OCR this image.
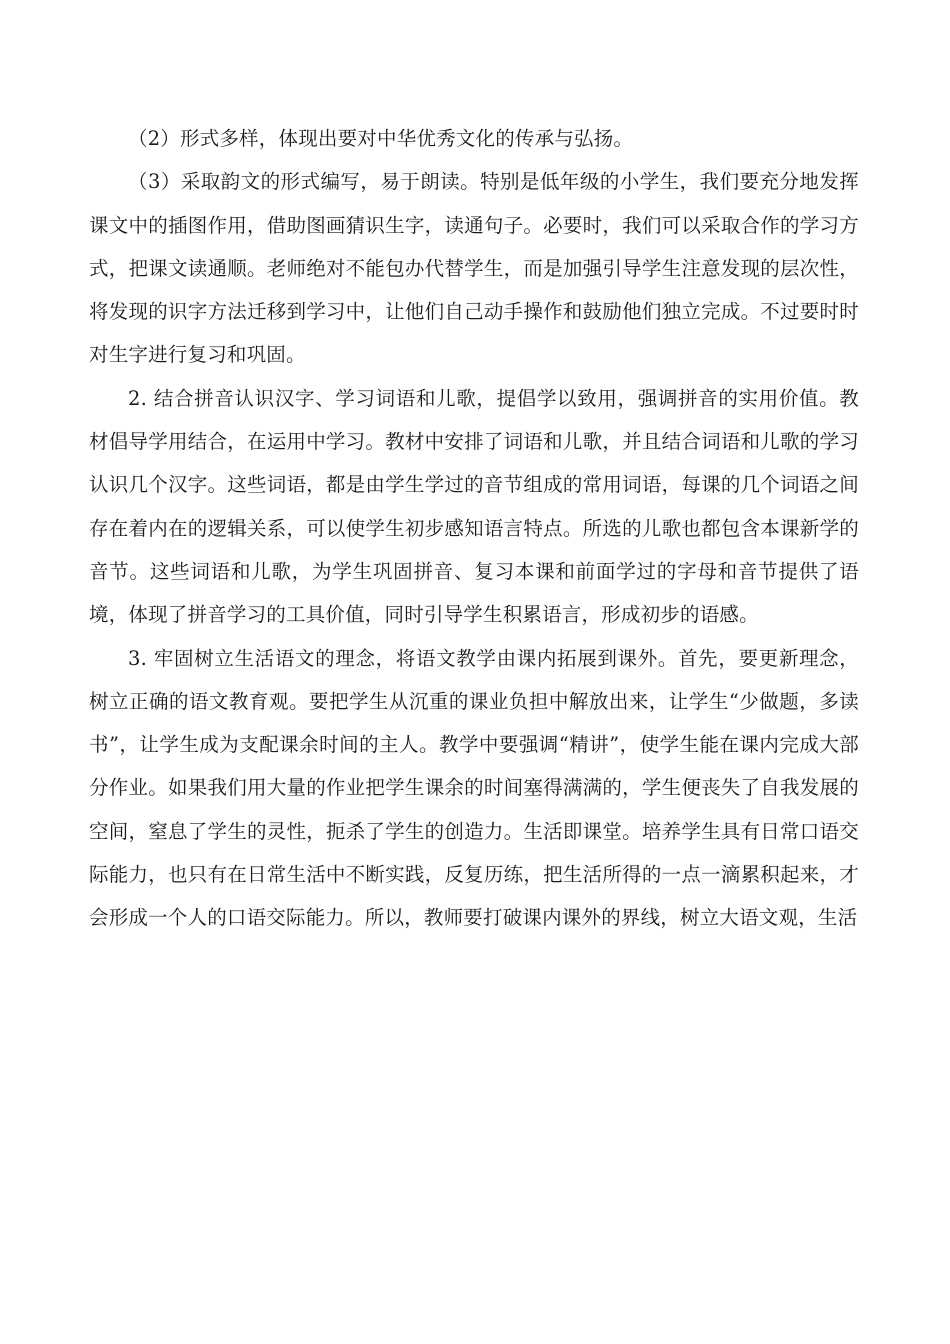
（2）形式多样，体现出要对中华优秀文化的传承与弘扬。

（3）采取韵文的形式编写，易于朗读。特别是低年级的小学生，我们要充分地发挥课文中的插图作用，借助图画猜识生字，读通句子。必要时，我们可以采取合作的学习方式，把课文读通顺。老师绝对不能包办代替学生，而是加强引导学生注意发现的层次性，将发现的识字方法迁移到学习中，让他们自己动手操作和鼓励他们独立完成。不过要时时对生字进行复习和巩固。

2. 结合拼音认识汉字、学习词语和儿歌，提倡学以致用，强调拼音的实用价值。教材倡导学用结合，在运用中学习。教材中安排了词语和儿歌，并且结合词语和儿歌的学习认识几个汉字。这些词语，都是由学生学过的音节组成的常用词语，每课的几个词语之间存在着内在的逻辑关系，可以使学生初步感知语言特点。所选的儿歌也都包含本课新学的音节。这些词语和儿歌，为学生巩固拼音、复习本课和前面学过的字母和音节提供了语境，体现了拼音学习的工具价值，同时引导学生积累语言，形成初步的语感。

3. 牢固树立生活语文的理念，将语文教学由课内拓展到课外。首先，要更新理念，树立正确的语文教育观。要把学生从沉重的课业负担中解放出来，让学生“少做题，多读书”，让学生成为支配课余时间的主人。教学中要强调“精讲”，使学生能在课内完成大部分作业。如果我们用大量的作业把学生课余的时间塞得满满的，学生便丧失了自我发展的空间，窒息了学生的灵性，扼杀了学生的创造力。生活即课堂。培养学生具有日常口语交际能力，也只有在日常生活中不断实践，反复历练，把生活所得的一点一滴累积起来，才会形成一个人的口语交际能力。所以，教师要打破课内课外的界线，树立大语文观，生活
